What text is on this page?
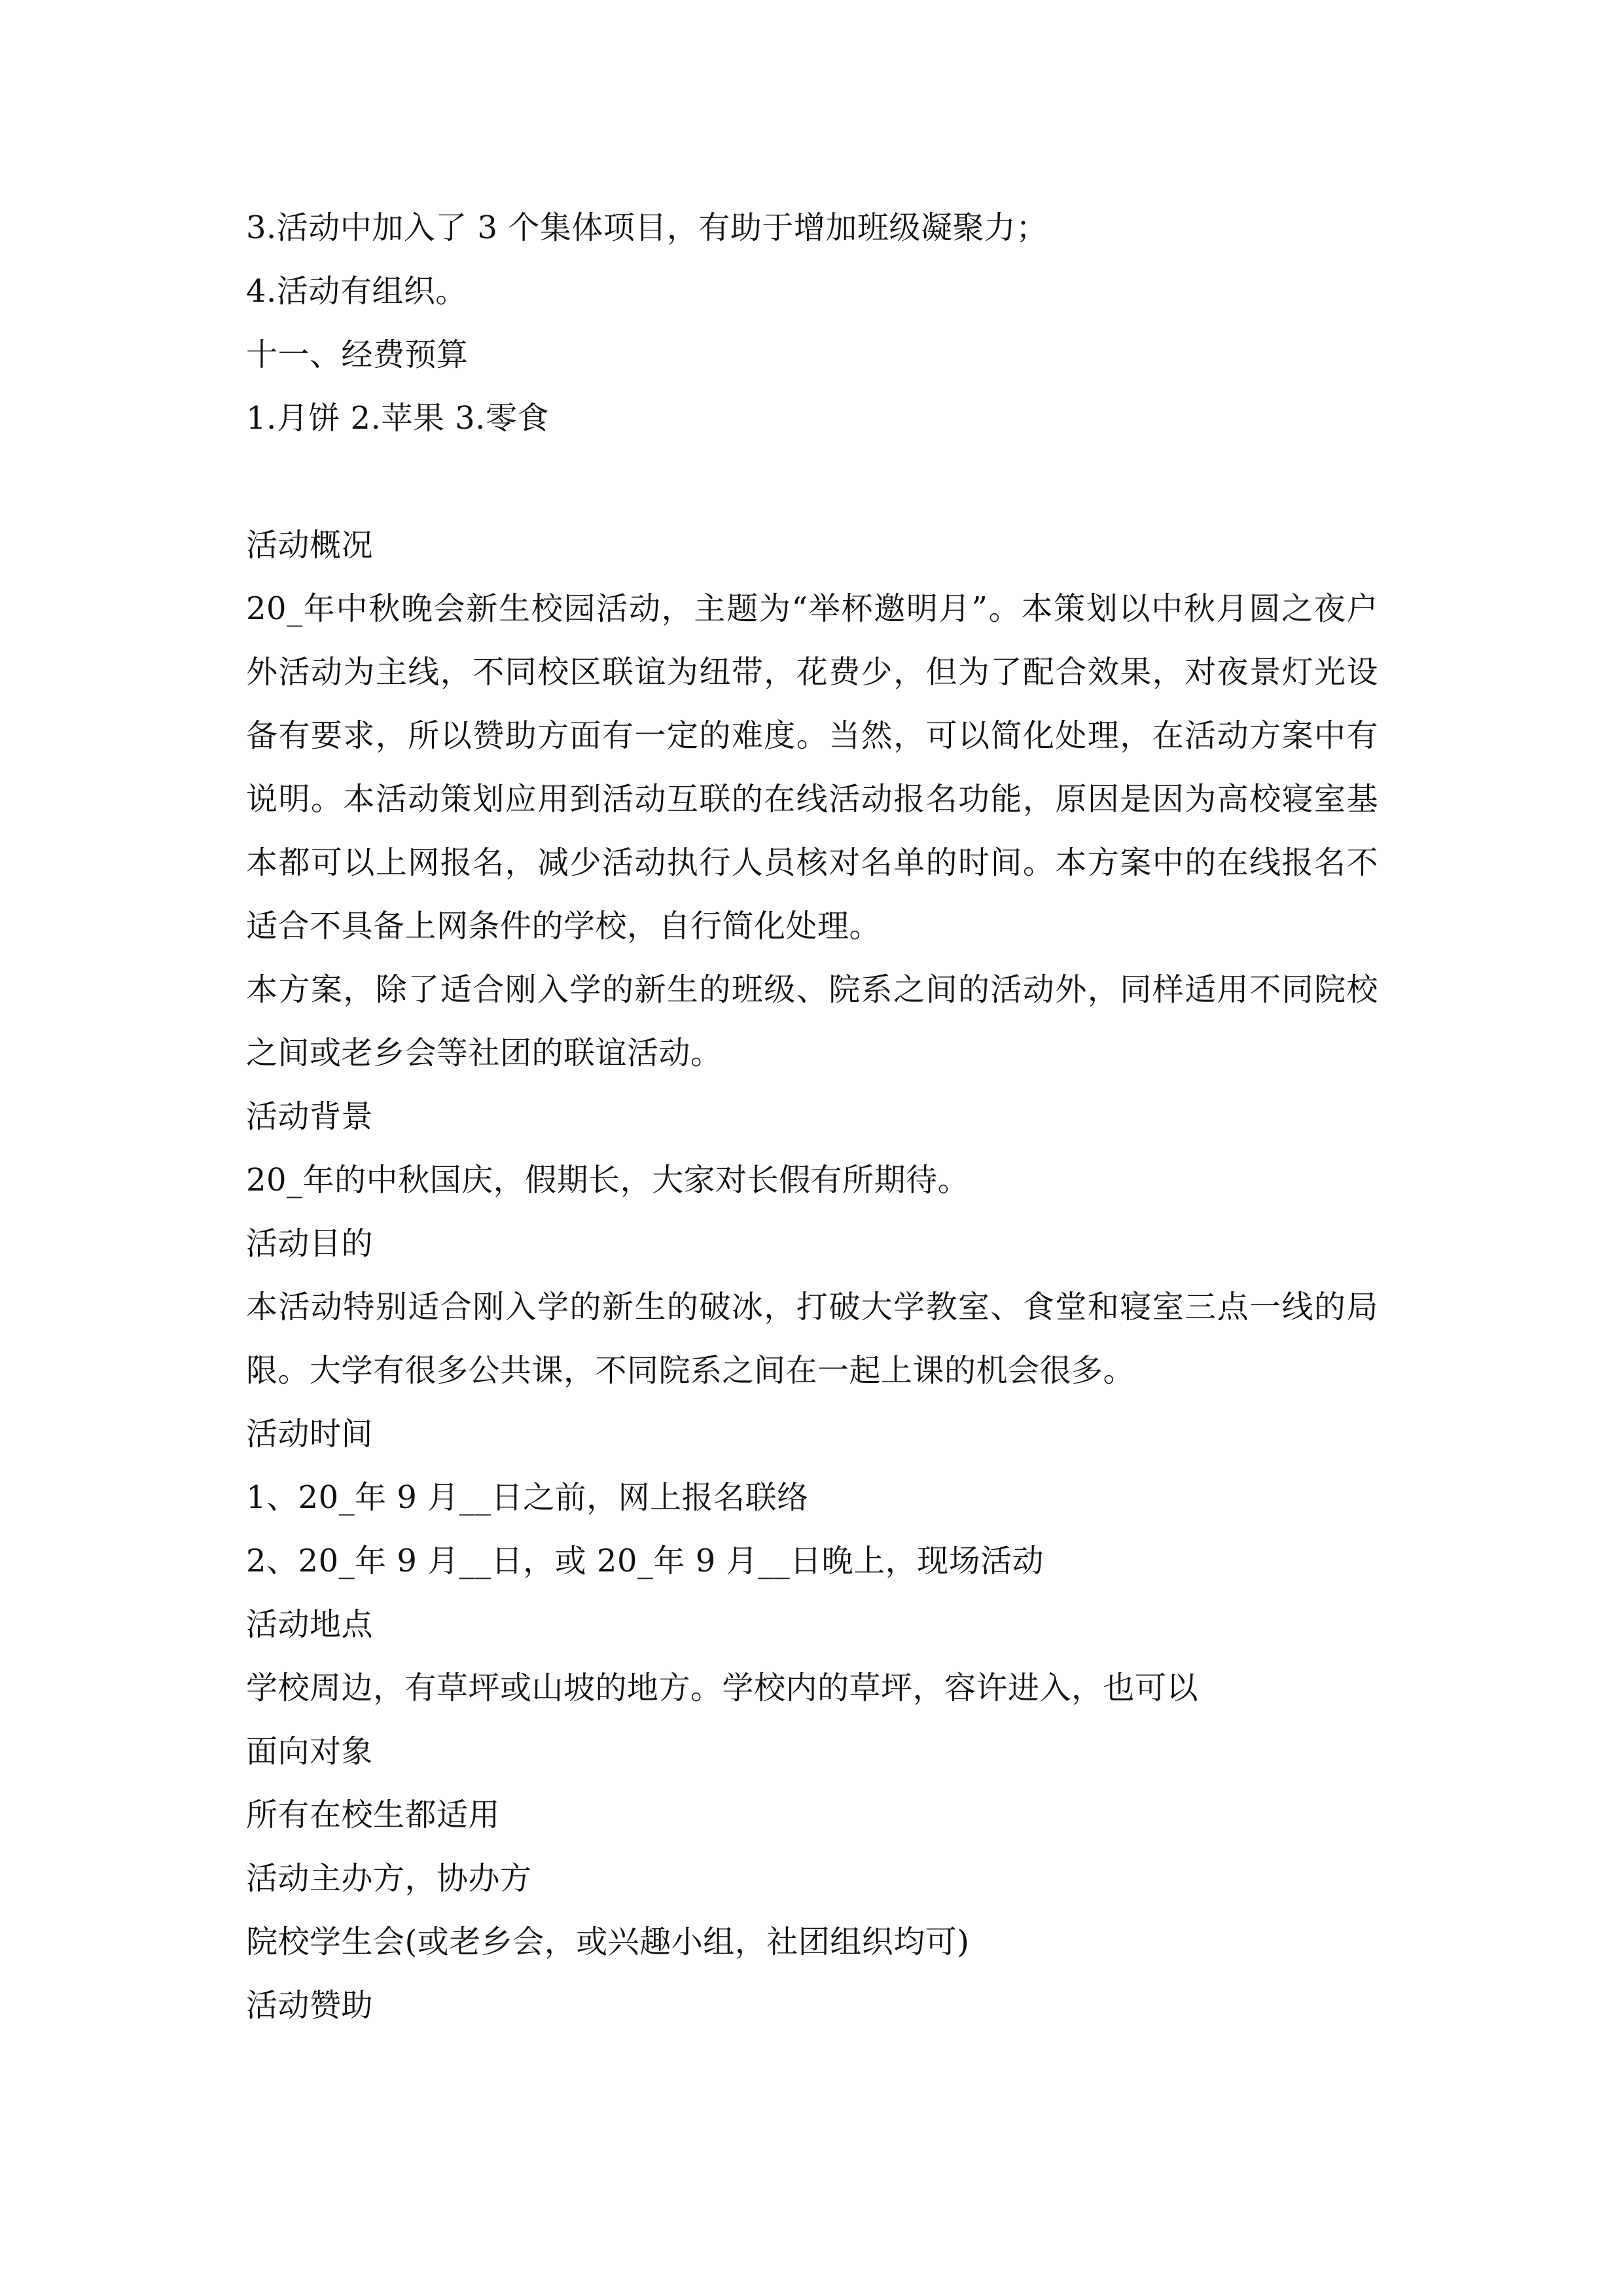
3.活动中加入了 3 个集体项目，有助于增加班级凝聚力；
4.活动有组织。
十一、经费预算
1.月饼 2.苹果 3.零食
活动概况
20_年中秋晚会新生校园活动，主题为“举杯邀明月”。本策划以中秋月圆之夜户外活动为主线，不同校区联谊为纽带，花费少，但为了配合效果，对夜景灯光设备有要求，所以赞助方面有一定的难度。当然，可以简化处理，在活动方案中有说明。本活动策划应用到活动互联的在线活动报名功能，原因是因为高校寝室基本都可以上网报名，减少活动执行人员核对名单的时间。本方案中的在线报名不适合不具备上网条件的学校，自行简化处理。
本方案，除了适合刚入学的新生的班级、院系之间的活动外，同样适用不同院校之间或老乡会等社团的联谊活动。
活动背景
20_年的中秋国庆，假期长，大家对长假有所期待。
活动目的
本活动特别适合刚入学的新生的破冰，打破大学教室、食堂和寝室三点一线的局限。大学有很多公共课，不同院系之间在一起上课的机会很多。
活动时间
1、20_年 9 月__日之前，网上报名联络
2、20_年 9 月__日，或 20_年 9 月__日晚上，现场活动
活动地点
学校周边，有草坪或山坡的地方。学校内的草坪，容许进入，也可以
面向对象
所有在校生都适用
活动主办方，协办方
院校学生会(或老乡会，或兴趣小组，社团组织均可)
活动赞助
